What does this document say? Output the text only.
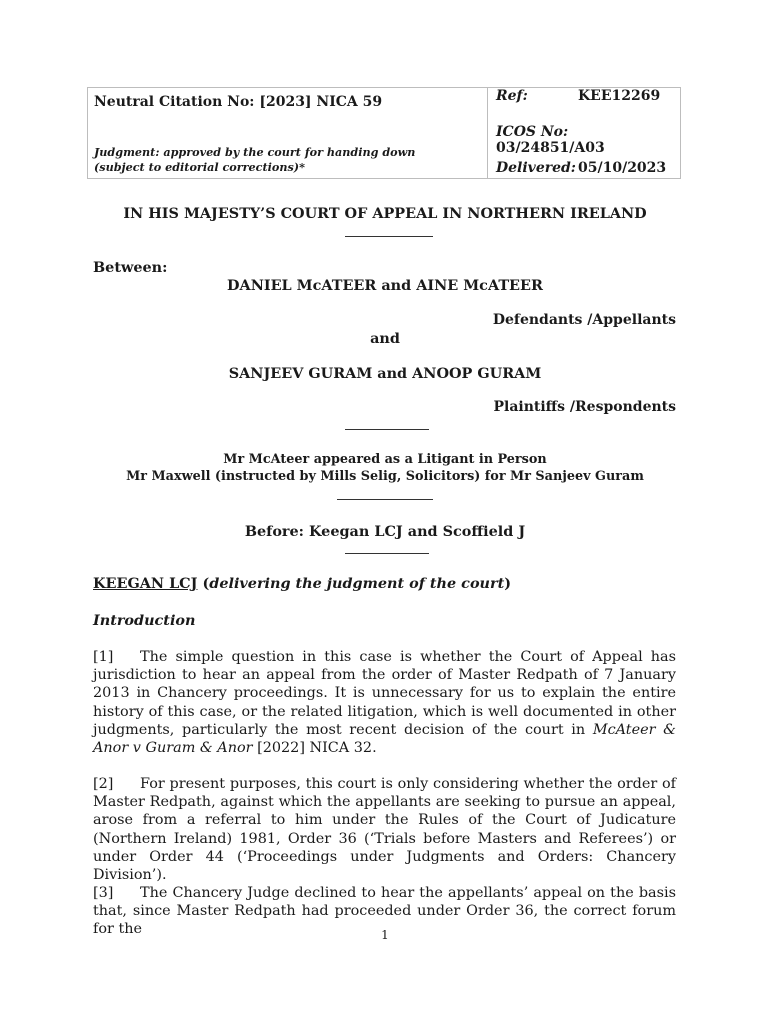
Neutral Citation No: [2023] NICA 59
Judgment: approved by the court for handing down
(subject to editorial corrections)*
Ref:	KEE12269
ICOS No:03/24851/A03
Delivered: 05/10/2023
IN HIS MAJESTY’S COURT OF APPEAL IN NORTHERN IRELAND
Between:
DANIEL McATEER and AINE McATEER
Defendants /Appellants
and
SANJEEV GURAM and ANOOP GURAM
Plaintiffs /Respondents
Mr McAteer appeared as a Litigant in Person
Mr Maxwell (instructed by Mills Selig, Solicitors) for Mr Sanjeev Guram
Before: Keegan LCJ and Scoffield J
KEEGAN LCJ (delivering the judgment of the court)
Introduction
[1] The simple question in this case is whether the Court of Appeal has jurisdiction to hear an appeal from the order of Master Redpath of 7 January 2013 in Chancery proceedings. It is unnecessary for us to explain the entire history of this case, or the related litigation, which is well documented in other judgments, particularly the most recent decision of the court in McAteer & Anor v Guram & Anor [2022] NICA 32.
[2] For present purposes, this court is only considering whether the order of Master Redpath, against which the appellants are seeking to pursue an appeal, arose from a referral to him under the Rules of the Court of Judicature (Northern Ireland) 1981, Order 36 (‘Trials before Masters and Referees’) or under Order 44 (‘Proceedings under Judgments and Orders: Chancery Division’).
[3] The Chancery Judge declined to hear the appellants’ appeal on the basis that, since Master Redpath had proceeded under Order 36, the correct forum for the	1
